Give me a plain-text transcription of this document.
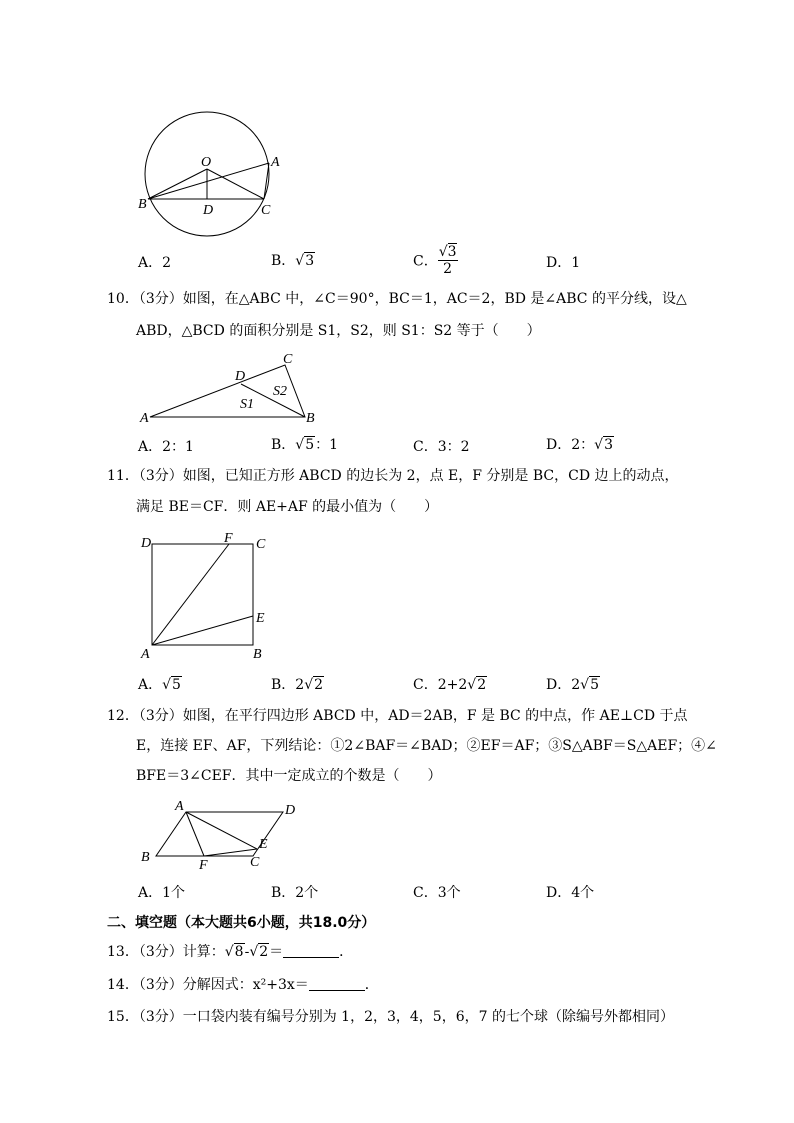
O	A
B	C
D
A．2	B．√3	C． $\frac{√3}{2}$	D．1
10．（3分）如图，在△ABC 中，∠C＝90°，BC＝1，AC＝2，BD 是∠ABC 的平分线，设△
ABD，△BCD 的面积分别是 S1，S2，则 S1：S2 等于（　　）
A	B
C
D
S1
S2
A．2：1	B．√5：1	C．3：2	D．2：√3
11．（3分）如图，已知正方形 ABCD 的边长为 2，点 E，F 分别是 BC，CD 边上的动点，
满足 BE＝CF．则 AE+AF 的最小值为（　　）
D	F C
E
A	B
A．√5	B．2√2	C．2+2√2	D．2√5
12．（3分）如图，在平行四边形 ABCD 中，AD＝2AB，F 是 BC 的中点，作 AE⊥CD 于点
E，连接 EF、AF，下列结论：①2∠BAF＝∠BAD；②EF＝AF；③S△ABF＝S△AEF；④∠
BFE＝3∠CEF．其中一定成立的个数是（　　）
A	D
B
F
E
C
A．1个	B．2个	C．3个	D．4个
二、填空题（本大题共6小题，共18.0分）
13．（3分）计算：√8-√2＝	．
14．（3分）分解因式：x²+3x＝	．
15．（3分）一口袋内装有编号分别为 1，2，3，4，5，6，7 的七个球（除编号外都相同）
